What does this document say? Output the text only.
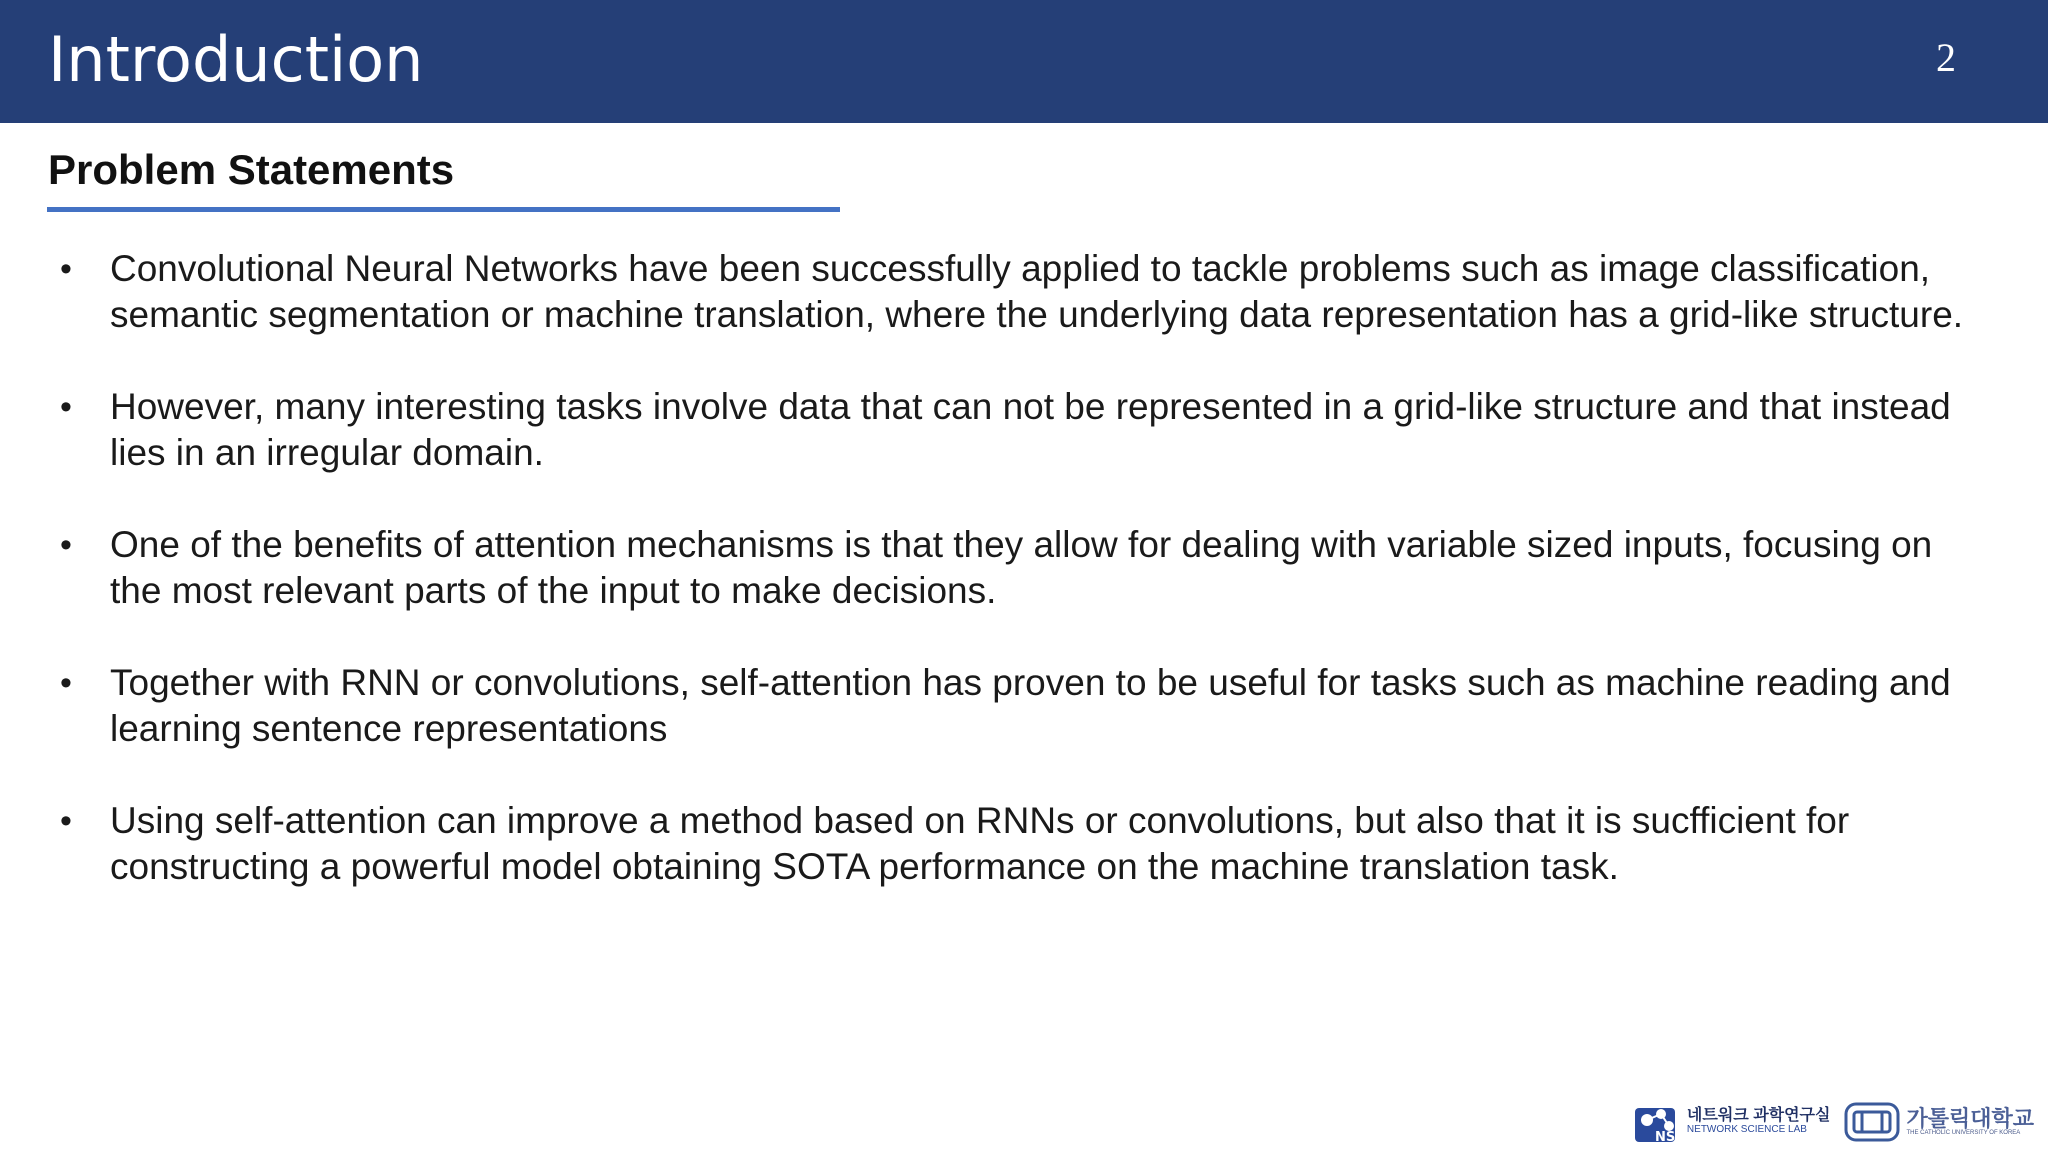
Introduction	2
Problem Statements
• Convolutional Neural Networks have been successfully applied to tackle problems such as image classification, semantic segmentation or machine translation, where the underlying data representation has a grid-like structure.
• However, many interesting tasks involve data that can not be represented in a grid-like structure and that instead lies in an irregular domain.
• One of the benefits of attention mechanisms is that they allow for dealing with variable sized inputs, focusing on the most relevant parts of the input to make decisions.
• Together with RNN or convolutions, self-attention has proven to be useful for tasks such as machine reading and learning sentence representations
• Using self-attention can improve a method based on RNNs or convolutions, but also that it is sucfficient for constructing a powerful model obtaining SOTA performance on the machine translation task.
NS
네트워크 과학연구실
NETWORK SCIENCE LAB	가톨릭대학교
THE CATHOLIC UNIVERSITY OF KOREA
